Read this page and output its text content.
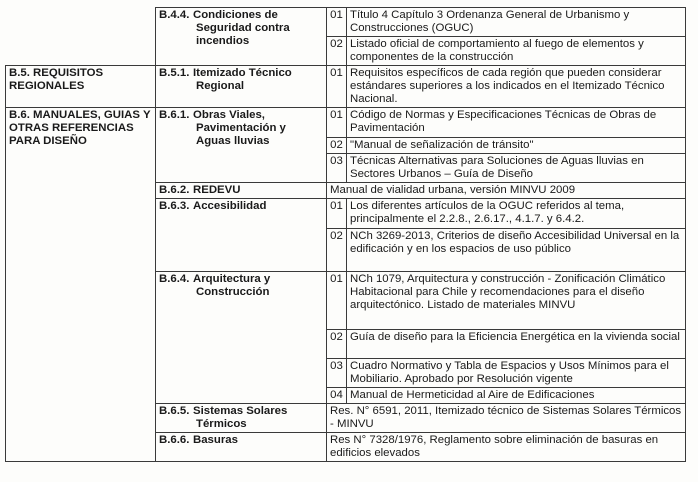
	B.4.4. Condiciones de
Seguridad contra
incendios	01	Título 4 Capítulo 3 Ordenanza General de Urbanismo y Construcciones (OGUC)
		02	Listado oficial de comportamiento al fuego de elementos y componentes de la construcción
B.5. REQUISITOS REGIONALES	B.5.1. Itemizado Técnico
Regional	01	Requisitos específicos de cada región que pueden considerar estándares superiores a los indicados en el Itemizado Técnico Nacional.
B.6. MANUALES, GUIAS Y OTRAS REFERENCIAS PARA DISEÑO	B.6.1. Obras Viales,
Pavimentación y
Aguas lluvias	01	Código de Normas y Especificaciones Técnicas de Obras de Pavimentación
		02	"Manual de señalización de tránsito"
		03	Técnicas Alternativas para Soluciones de Aguas lluvias en Sectores Urbanos – Guía de Diseño
	B.6.2. REDEVU	Manual de vialidad urbana, versión MINVU 2009	
	B.6.3. Accesibilidad	01	Los diferentes artículos de la OGUC referidos al tema, principalmente el 2.2.8., 2.6.17., 4.1.7. y 6.4.2.
		02	NCh 3269-2013, Criterios de diseño Accesibilidad Universal en la edificación y en los espacios de uso público
	B.6.4. Arquitectura y
Construcción	01	NCh 1079, Arquitectura y construcción - Zonificación Climático Habitacional para Chile y recomendaciones para el diseño arquitectónico. Listado de materiales MINVU
		02	Guía de diseño para la Eficiencia Energética en la vivienda social
		03	Cuadro Normativo y Tabla de Espacios y Usos Mínimos para el Mobiliario. Aprobado por Resolución vigente
		04	Manual de Hermeticidad al Aire de Edificaciones
	B.6.5. Sistemas Solares
Térmicos	Res. N° 6591, 2011, Itemizado técnico de Sistemas Solares Térmicos - MINVU	
	B.6.6. Basuras	Res N° 7328/1976, Reglamento sobre eliminación de basuras en edificios elevados	
